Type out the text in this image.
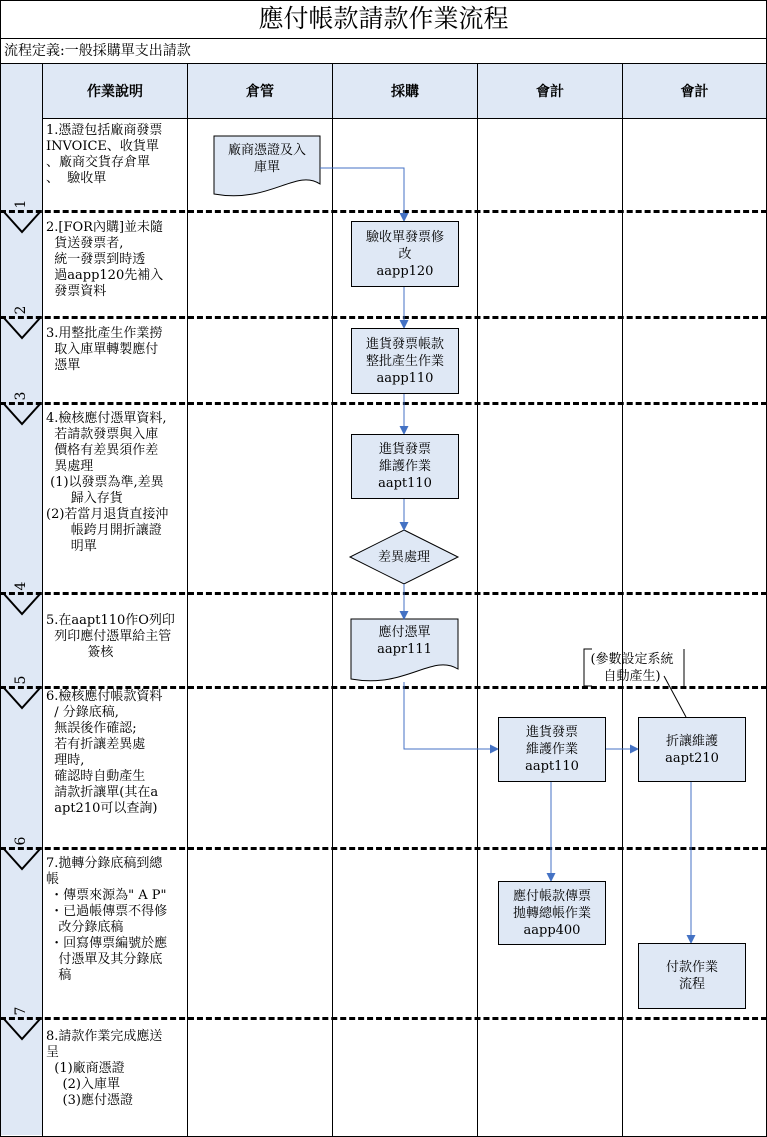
應付帳款請款作業流程
流程定義:一般採購單支出請款
作業說明	倉管	採購	會計	會計
1
2
3
4
5
6
7
1.憑證包括廠商發票
INVOICE、收貨單
、廠商交貨存倉單
、  驗收單
2.[FOR內購]並未隨
貨送發票者,
統一發票到時透
過aapp120先補入
發票資料
3.用整批產生作業撈
取入庫單轉製應付
憑單
4.檢核應付憑單資料,
若請款發票與入庫
價格有差異須作差
異處理
(1)以發票為準,差異
歸入存貨
(2)若當月退貨直接沖
帳跨月開折讓證
明單
5.在aapt110作O列印
列印應付憑單給主管
簽核
6.檢核應付帳款資料
/ 分錄底稿,
無誤後作確認;
若有折讓差異處
理時,
確認時自動產生
請款折讓單(其在a
apt210可以查詢)
7.拋轉分錄底稿到總
帳
・傳票來源為" A P"
・已過帳傳票不得修
改分錄底稿
・回寫傳票編號於應
付憑單及其分錄底
稿
8.請款作業完成應送
呈
(1)廠商憑證
(2)入庫單
(3)應付憑證
廠商憑證及入
庫單
驗收單發票修
改
aapp120
進貨發票帳款
整批產生作業
aapp110
進貨發票
維護作業
aapt110
差異處理
應付憑單
aapr111
進貨發票
維護作業
aapt110
折讓維護
aapt210
應付帳款傳票
拋轉總帳作業
aapp400
付款作業
流程
(參數設定系統
自動產生)
